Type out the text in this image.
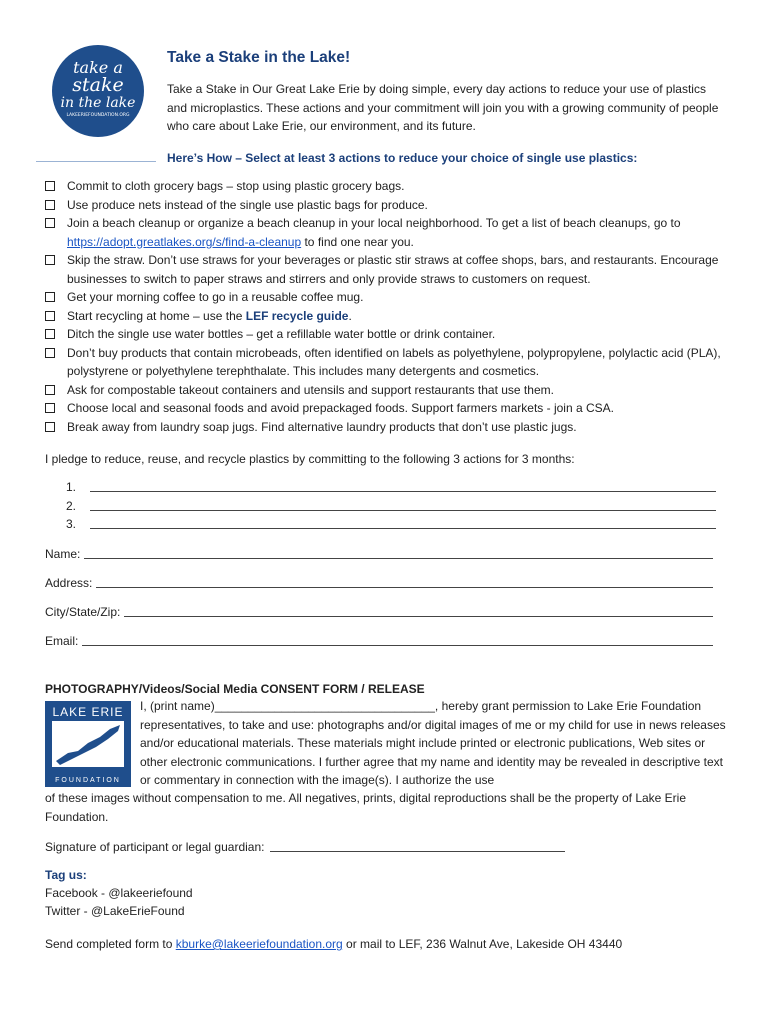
take a
stake
in the lake
LAKEERIEFOUNDATION.ORG
Take a Stake in the Lake!
Take a Stake in Our Great Lake Erie by doing simple, every day actions to reduce your use of plastics and microplastics. These actions and your commitment will join you with a growing community of people who care about Lake Erie, our environment, and its future.
Here’s How – Select at least 3 actions to reduce your choice of single use plastics:
Commit to cloth grocery bags – stop using plastic grocery bags.
Use produce nets instead of the single use plastic bags for produce.
Join a beach cleanup or organize a beach cleanup in your local neighborhood. To get a list of beach cleanups, go to https://adopt.greatlakes.org/s/find-a-cleanup to find one near you.
Skip the straw. Don’t use straws for your beverages or plastic stir straws at coffee shops, bars, and restaurants. Encourage businesses to switch to paper straws and stirrers and only provide straws to customers on request.
Get your morning coffee to go in a reusable coffee mug.
Start recycling at home – use the LEF recycle guide.
Ditch the single use water bottles – get a refillable water bottle or drink container.
Don’t buy products that contain microbeads, often identified on labels as polyethylene, polypropylene, polylactic acid (PLA), polystyrene or polyethylene terephthalate. This includes many detergents and cosmetics.
Ask for compostable takeout containers and utensils and support restaurants that use them.
Choose local and seasonal foods and avoid prepackaged foods. Support farmers markets - join a CSA.
Break away from laundry soap jugs. Find alternative laundry products that don’t use plastic jugs.
I pledge to reduce, reuse, and recycle plastics by committing to the following 3 actions for 3 months:
1.
2.
3.
Name:
Address:
City/State/Zip:
Email:
PHOTOGRAPHY/Videos/Social Media CONSENT FORM / RELEASE
LAKE ERIE
FOUNDATION
I, (print name)_________________________________, hereby grant permission to Lake Erie Foundation representatives, to take and use: photographs and/or digital images of me or my child for use in news releases and/or educational materials. These materials might include printed or electronic publications, Web sites or other electronic communications. I further agree that my name and identity may be revealed in descriptive text or commentary in connection with the image(s). I authorize the use
of these images without compensation to me. All negatives, prints, digital reproductions shall be the property of Lake Erie Foundation.
Signature of participant or legal guardian:
Tag us:
Facebook - @lakeeriefound
Twitter - @LakeErieFound
Send completed form to kburke@lakeeriefoundation.org or mail to LEF, 236 Walnut Ave, Lakeside OH 43440
